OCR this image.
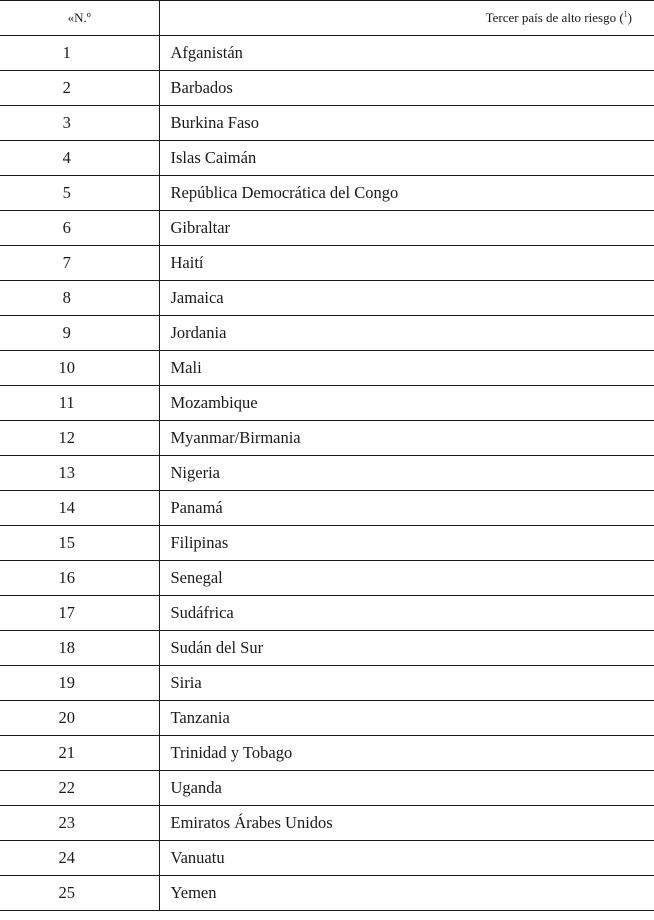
«N.º	Tercer país de alto riesgo ($^1$)
1	Afganistán
2	Barbados
3	Burkina Faso
4	Islas Caimán
5	República Democrática del Congo
6	Gibraltar
7	Haití
8	Jamaica
9	Jordania
10	Mali
11	Mozambique
12	Myanmar/Birmania
13	Nigeria
14	Panamá
15	Filipinas
16	Senegal
17	Sudáfrica
18	Sudán del Sur
19	Siria
20	Tanzania
21	Trinidad y Tobago
22	Uganda
23	Emiratos Árabes Unidos
24	Vanuatu
25	Yemen
